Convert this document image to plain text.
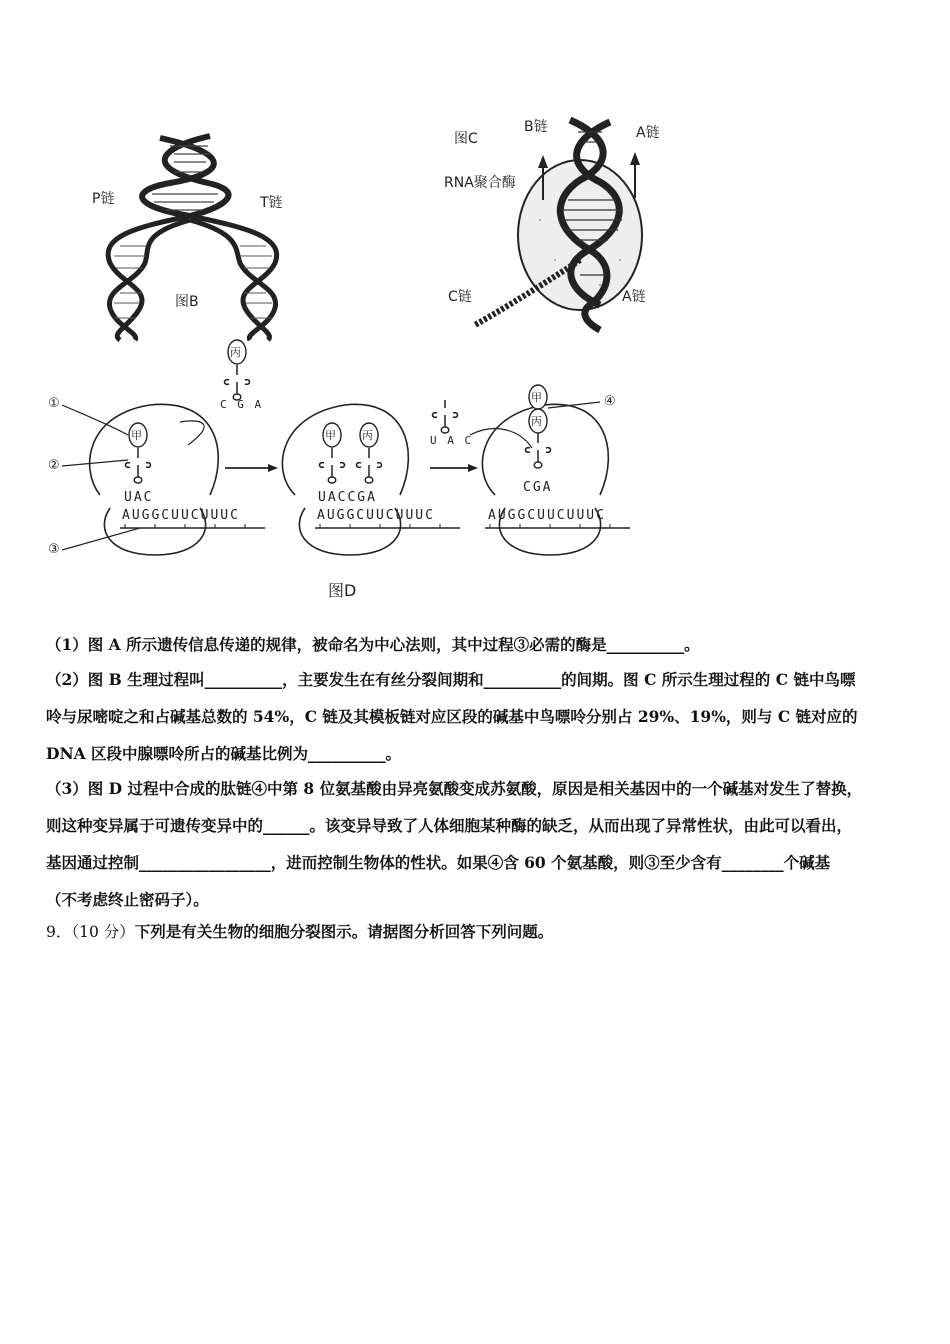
P链	T链
图B
图C
B链	A链
RNA聚合酶
C链	A链
①
②
③
④
甲	甲 丙
甲
丙
丙
C G A
U A C
UAC
AUGGCUUCUUUC
UACCGA
AUGGCUUCUUUC
CGA
AUGGCUUCUUUC
图D
（1）图 A 所示遗传信息传递的规律，被命名为中心法则，其中过程③必需的酶是__________。
（2）图 B 生理过程叫__________，主要发生在有丝分裂间期和__________的间期。图 C 所示生理过程的 C 链中鸟嘌
呤与尿嘧啶之和占碱基总数的 54%，C 链及其模板链对应区段的碱基中鸟嘌呤分别占 29%、19%，则与 C 链对应的
DNA 区段中腺嘌呤所占的碱基比例为__________。
（3）图 D 过程中合成的肽链④中第 8 位氨基酸由异亮氨酸变成苏氨酸，原因是相关基因中的一个碱基对发生了替换，
则这种变异属于可遗传变异中的______。该变异导致了人体细胞某种酶的缺乏，从而出现了异常性状，由此可以看出，
基因通过控制_________________，进而控制生物体的性状。如果④含 60 个氨基酸，则③至少含有________个碱基
（不考虑终止密码子）。
9．（10 分）下列是有关生物的细胞分裂图示。请据图分析回答下列问题。
